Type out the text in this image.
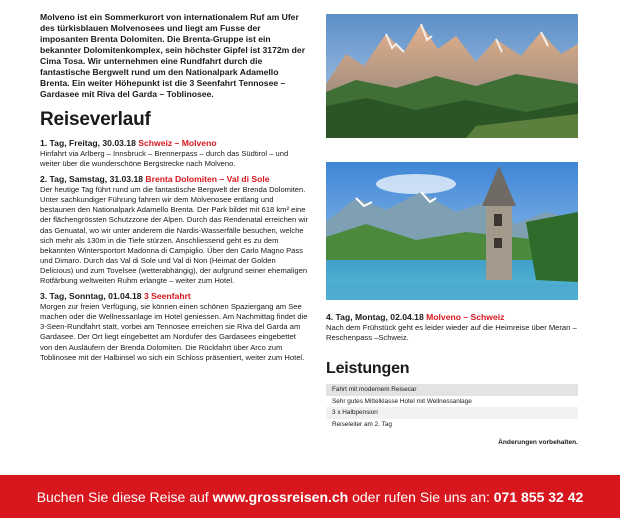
Molveno ist ein Sommerkurort von internationalem Ruf am Ufer des türkisblauen Molvenosees und liegt am Fusse der imposanten Brenta Dolomiten. Die Brenta-Gruppe ist ein bekannter Dolomitenkomplex, sein höchster Gipfel ist 3172m der Cima Tosa. Wir unternehmen eine Rundfahrt durch die fantastische Bergwelt rund um den Nationalpark Adamello Brenta. Ein weiter Höhepunkt ist die 3 Seenfahrt Tennosee – Gardasee mit Riva del Garda – Toblinosee.

Reiseverlauf
1. Tag, Freitag, 30.03.18 Schweiz – Molveno

Hinfahrt via Arlberg – Innsbruck – Brennerpass – durch das Südtirol – und weiter über die wunderschöne Bergstrecke nach Molveno.

2. Tag, Samstag, 31.03.18 Brenta Dolomiten – Val di Sole

Der heutige Tag führt rund um die fantastische Bergwelt der Brenda Dolomiten. Unter sachkundiger Führung fahren wir dem Molvenosee entlang und bestaunen den Nationalpark Adamello Brenta. Der Park bildet mit 618 km² eine der flächengrössten Schutzzone der Alpen. Durch das Rendenatal erreichen wir das Genuatal, wo wir unter anderem die Nardis-Wasserfälle besuchen, welche sich mehr als 130m in die Tiefe stürzen. Anschliessend geht es zu dem bekannten Wintersportort Madonna di Campiglio. Über den Carlo Magno Pass und Dimaro. Durch das Val di Sole und Val di Non (Heimat der Golden Delicious) und zum Tovelsee (wetterabhängig), der aufgrund seiner ehemaligen Rotfärbung weltweiten Ruhm erlangte – weiter zum Hotel.

3. Tag, Sonntag, 01.04.18 3 Seenfahrt

Morgen zur freien Verfügung, sie können einen schönen Spaziergang am See machen oder die Wellnessanlage im Hotel geniessen. Am Nachmittag findet die 3-Seen-Rundfahrt statt, vorbei am Tennosee erreichen sie Riva del Garda am Gardasee. Der Ort liegt eingebettet am Nordufer des Gardasees eingebettet von den Ausläufern der Brenda Dolomiten. Die Rückfahrt über Arco zum Toblinosee mit der Halbinsel wo sich ein Schloss präsentiert, weiter zum Hotel.

4. Tag, Montag, 02.04.18 Molveno – Schweiz

Nach dem Frühstück geht es leider wieder auf die Heimreise über Meran – Reschenpass –Schweiz.

Leistungen
Fahrt mit modernem Reisecar
Sehr gutes Mittelklasse Hotel mit Wellnessanlage
3 x Halbpension
Reiseleiter am 2. Tag
Änderungen vorbehalten.
Buchen Sie diese Reise auf www.grossreisen.ch oder rufen Sie uns an: 071 855 32 42
